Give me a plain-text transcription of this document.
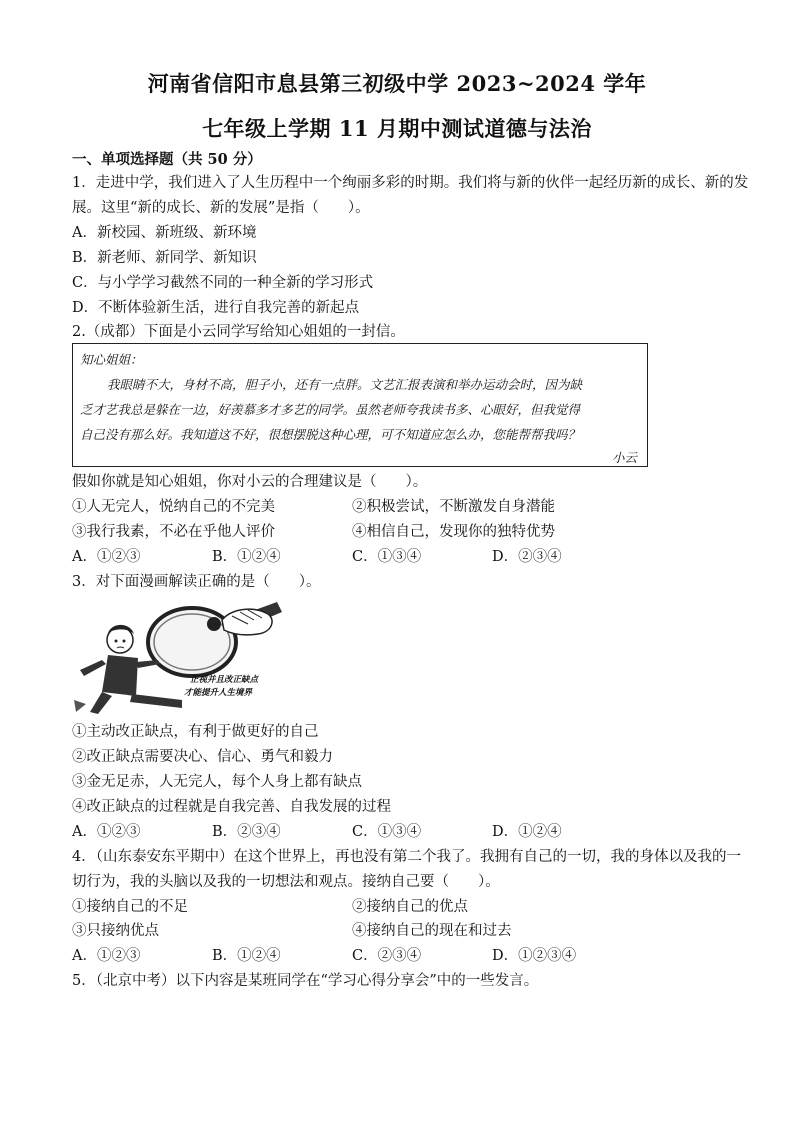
河南省信阳市息县第三初级中学 2023~2024 学年
七年级上学期 11 月期中测试道德与法治
一、单项选择题（共 50 分）
1．走进中学，我们进入了人生历程中一个绚丽多彩的时期。我们将与新的伙伴一起经历新的成长、新的发
展。这里“新的成长、新的发展”是指（　　）。
A．新校园、新班级、新环境
B．新老师、新同学、新知识
C．与小学学习截然不同的一种全新的学习形式
D．不断体验新生活，进行自我完善的新起点
2.（成都）下面是小云同学写给知心姐姐的一封信。
知心姐姐：
我眼睛不大，身材不高，胆子小，还有一点胖。文艺汇报表演和举办运动会时，因为缺
乏才艺我总是躲在一边，好羡慕多才多艺的同学。虽然老师夸我读书多、心眼好，但我觉得
自己没有那么好。我知道这不好，很想摆脱这种心理，可不知道应怎么办，您能帮帮我吗？
小云
假如你就是知心姐姐，你对小云的合理建议是（　　）。
①人无完人，悦纳自己的不完美	②积极尝试，不断激发自身潜能
③我行我素，不必在乎他人评价	④相信自己，发现你的独特优势
A．①②③	B．①②④	C．①③④	D．②③④
3．对下面漫画解读正确的是（　　）。
正视并且改正缺点
才能提升人生境界
①主动改正缺点，有利于做更好的自己
②改正缺点需要决心、信心、勇气和毅力
③金无足赤，人无完人，每个人身上都有缺点
④改正缺点的过程就是自我完善、自我发展的过程
A．①②③	B．②③④	C．①③④	D．①②④
4．（山东泰安东平期中）在这个世界上，再也没有第二个我了。我拥有自己的一切，我的身体以及我的一
切行为，我的头脑以及我的一切想法和观点。接纳自己要（　　）。
①接纳自己的不足	②接纳自己的优点
③只接纳优点	④接纳自己的现在和过去
A．①②③	B．①②④	C．②③④	D．①②③④
5．（北京中考）以下内容是某班同学在“学习心得分享会”中的一些发言。
